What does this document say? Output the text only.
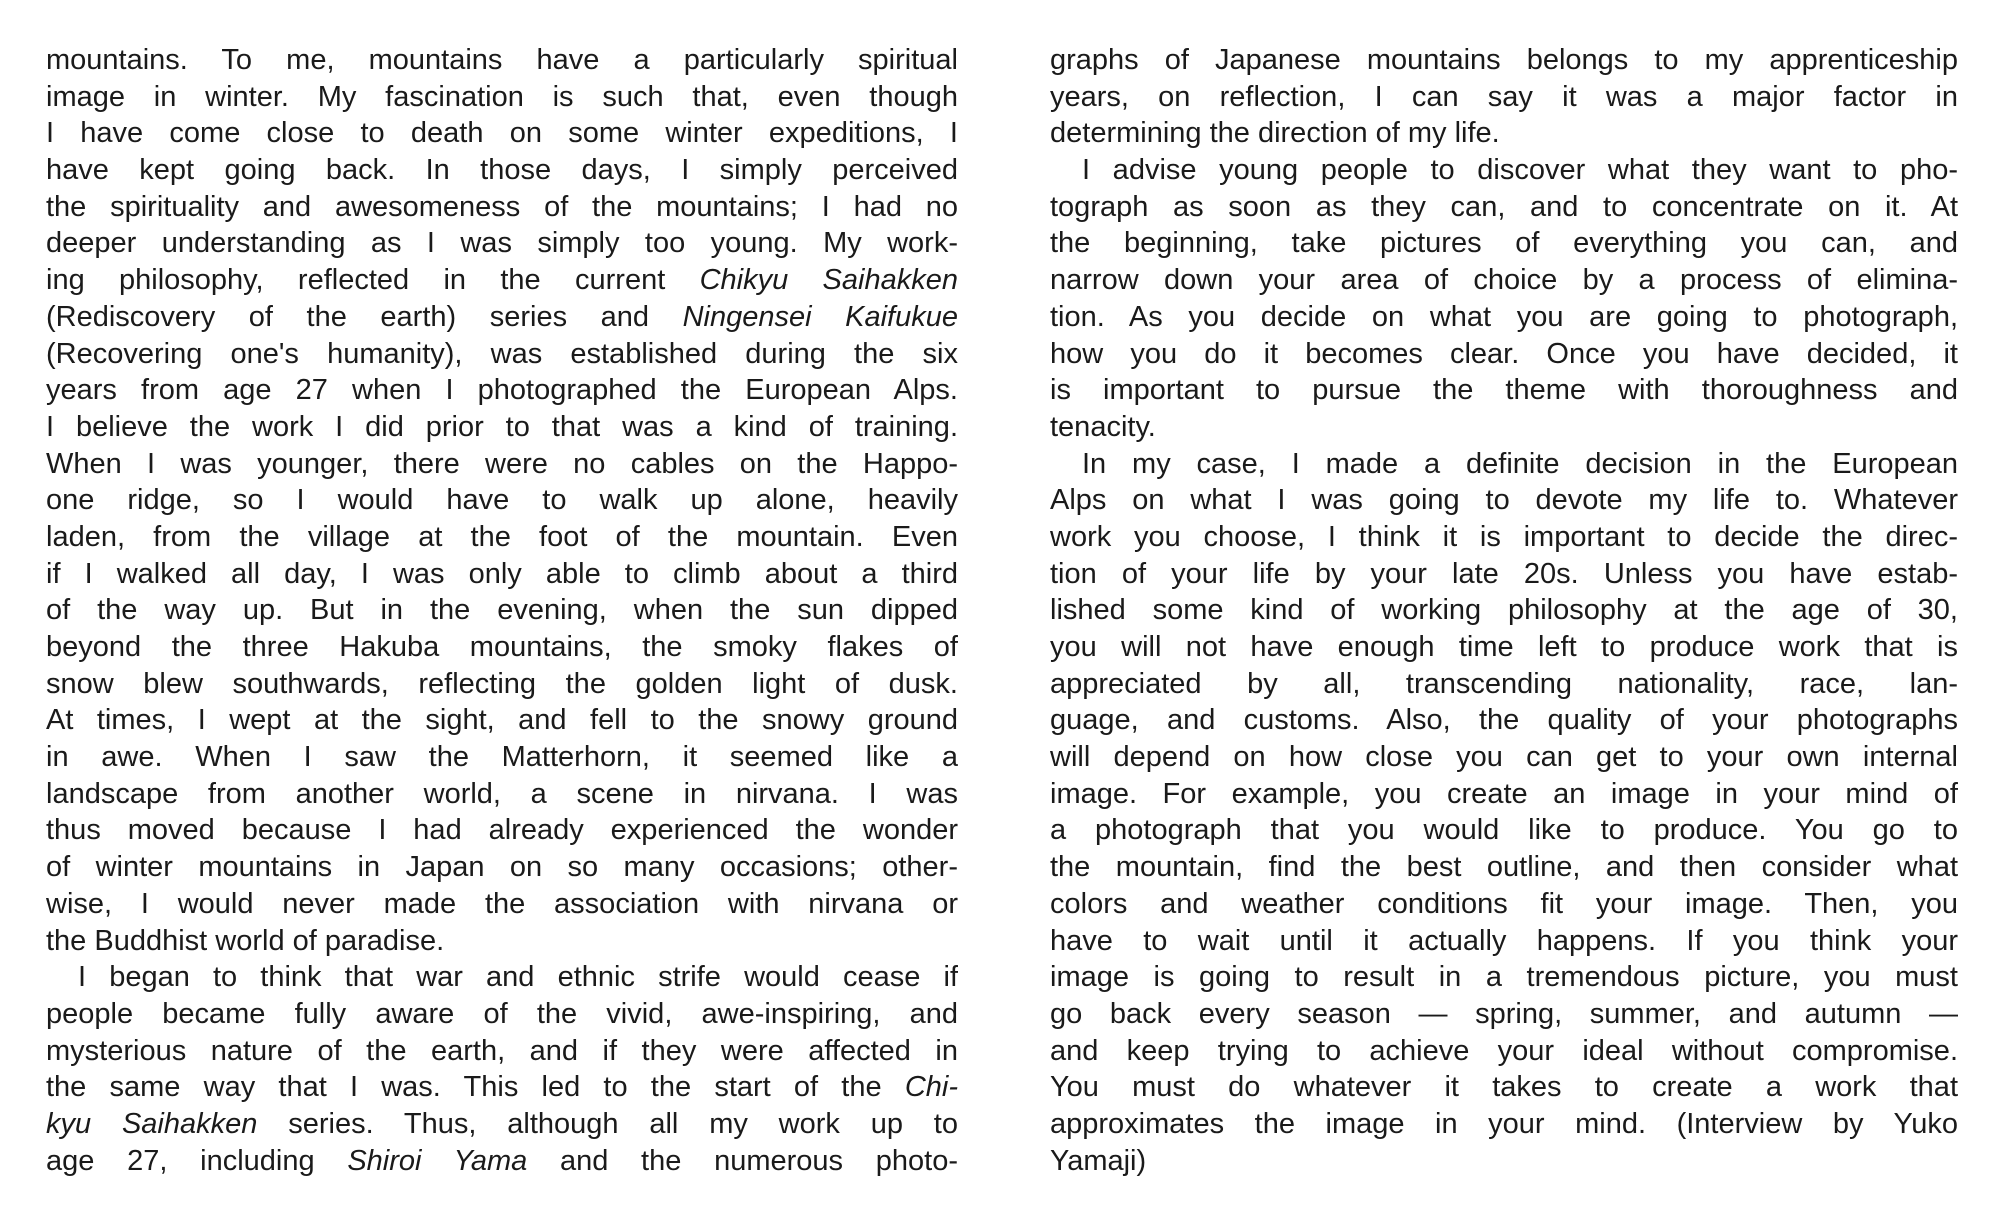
mountains. To me, mountains have a particularly spiritual
image in winter. My fascination is such that, even though
I have come close to death on some winter expeditions, I
have kept going back. In those days, I simply perceived
the spirituality and awesomeness of the mountains; I had no
deeper understanding as I was simply too young. My work-
ing philosophy, reflected in the current Chikyu Saihakken
(Rediscovery of the earth) series and Ningensei Kaifukue
(Recovering one's humanity), was established during the six
years from age 27 when I photographed the European Alps.
I believe the work I did prior to that was a kind of training.
When I was younger, there were no cables on the Happo-
one ridge, so I would have to walk up alone, heavily
laden, from the village at the foot of the mountain. Even
if I walked all day, I was only able to climb about a third
of the way up. But in the evening, when the sun dipped
beyond the three Hakuba mountains, the smoky flakes of
snow blew southwards, reflecting the golden light of dusk.
At times, I wept at the sight, and fell to the snowy ground
in awe. When I saw the Matterhorn, it seemed like a
landscape from another world, a scene in nirvana. I was
thus moved because I had already experienced the wonder
of winter mountains in Japan on so many occasions; other-
wise, I would never made the association with nirvana or
the Buddhist world of paradise.
I began to think that war and ethnic strife would cease if
people became fully aware of the vivid, awe-inspiring, and
mysterious nature of the earth, and if they were affected in
the same way that I was. This led to the start of the Chi-
kyu Saihakken series. Thus, although all my work up to
age 27, including Shiroi Yama and the numerous photo-
graphs of Japanese mountains belongs to my apprenticeship
years, on reflection, I can say it was a major factor in
determining the direction of my life.
I advise young people to discover what they want to pho-
tograph as soon as they can, and to concentrate on it. At
the beginning, take pictures of everything you can, and
narrow down your area of choice by a process of elimina-
tion. As you decide on what you are going to photograph,
how you do it becomes clear. Once you have decided, it
is important to pursue the theme with thoroughness and
tenacity.
In my case, I made a definite decision in the European
Alps on what I was going to devote my life to. Whatever
work you choose, I think it is important to decide the direc-
tion of your life by your late 20s. Unless you have estab-
lished some kind of working philosophy at the age of 30,
you will not have enough time left to produce work that is
appreciated by all, transcending nationality, race, lan-
guage, and customs. Also, the quality of your photographs
will depend on how close you can get to your own internal
image. For example, you create an image in your mind of
a photograph that you would like to produce. You go to
the mountain, find the best outline, and then consider what
colors and weather conditions fit your image. Then, you
have to wait until it actually happens. If you think your
image is going to result in a tremendous picture, you must
go back every season — spring, summer, and autumn —
and keep trying to achieve your ideal without compromise.
You must do whatever it takes to create a work that
approximates the image in your mind. (Interview by Yuko
Yamaji)
